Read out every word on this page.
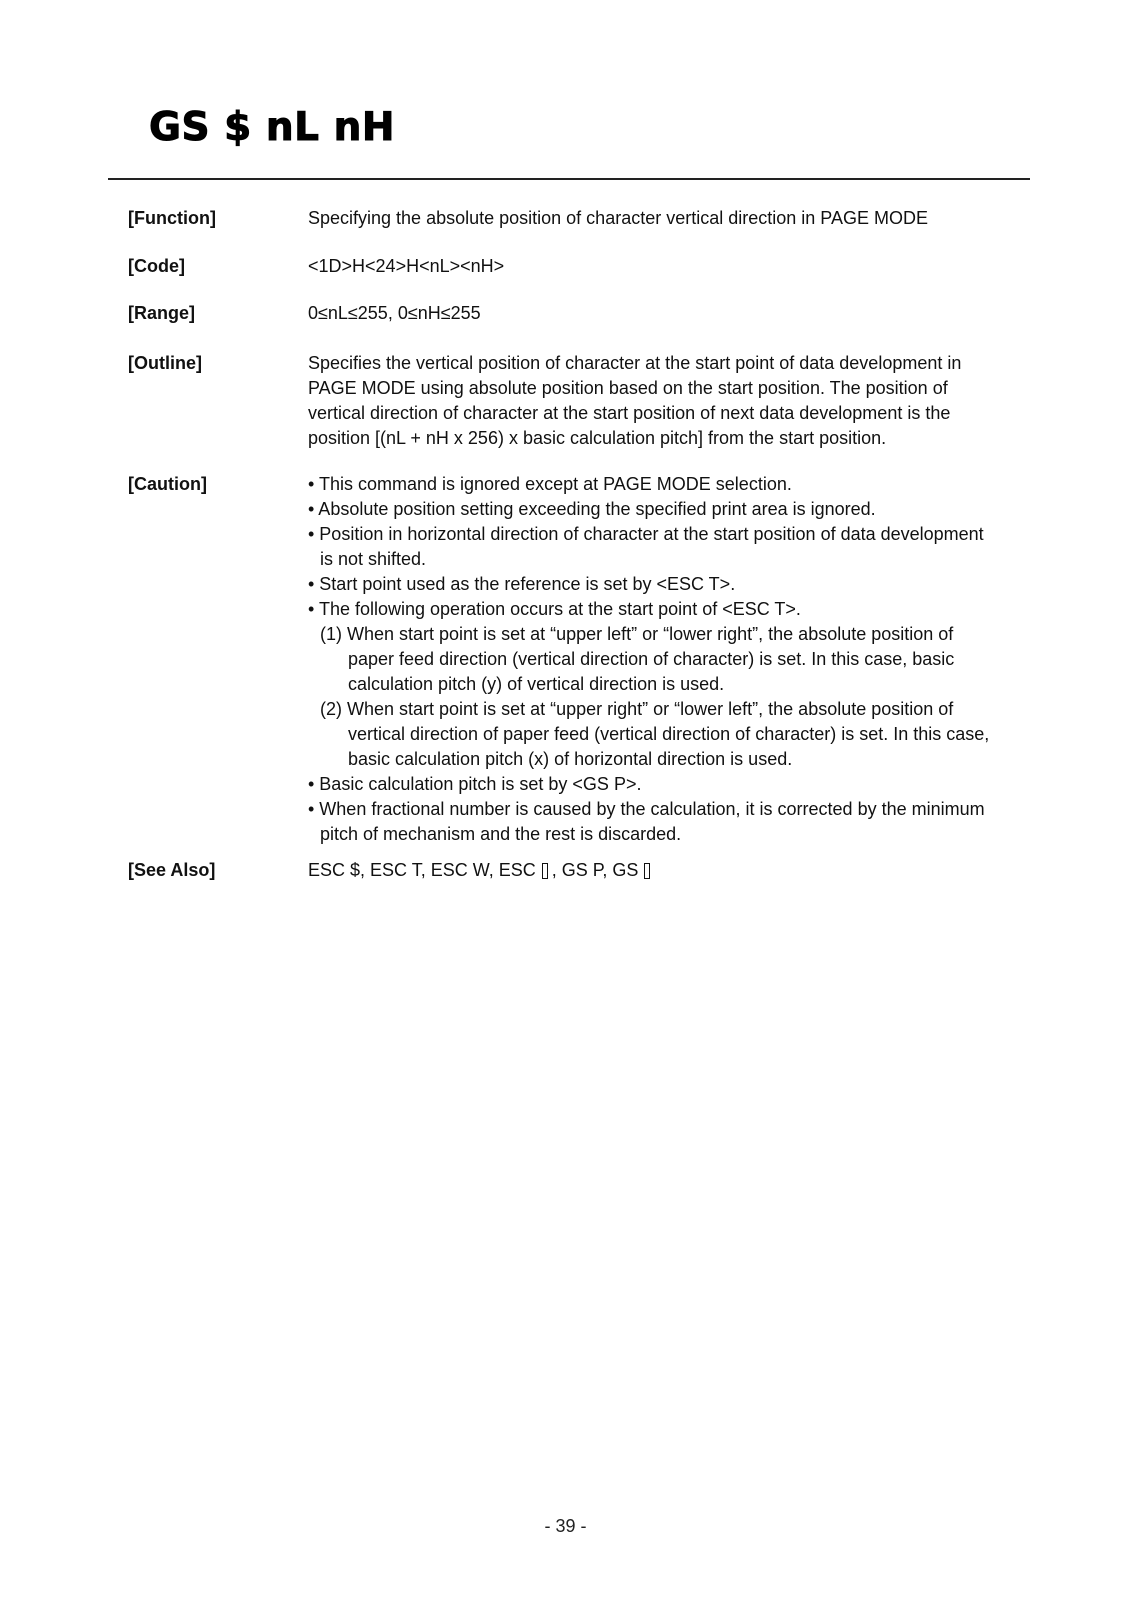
GS $ nL nH
[Function]	Specifying the absolute position of character vertical direction in PAGE MODE
[Code]	<1D>H<24>H<nL><nH>
[Range]	0≤nL≤255, 0≤nH≤255
[Outline]	Specifies the vertical position of character at the start point of data development in
PAGE MODE using absolute position based on the start position. The position of
vertical direction of character at the start position of next data development is the
position [(nL + nH x 256) x basic calculation pitch] from the start position.
[Caution]	• This command is ignored except at PAGE MODE selection.
• Absolute position setting exceeding the specified print area is ignored.
• Position in horizontal direction of character at the start position of data development
is not shifted.
• Start point used as the reference is set by <ESC T>.
• The following operation occurs at the start point of <ESC T>.
(1) When start point is set at “upper left” or “lower right”, the absolute position of
paper feed direction (vertical direction of character) is set. In this case, basic
calculation pitch (y) of vertical direction is used.
(2) When start point is set at “upper right” or “lower left”, the absolute position of
vertical direction of paper feed (vertical direction of character) is set. In this case,
basic calculation pitch (x) of horizontal direction is used.
• Basic calculation pitch is set by <GS P>.
• When fractional number is caused by the calculation, it is corrected by the minimum
pitch of mechanism and the rest is discarded.
[See Also]	ESC $, ESC T, ESC W, ESC , GS P, GS
- 39 -
